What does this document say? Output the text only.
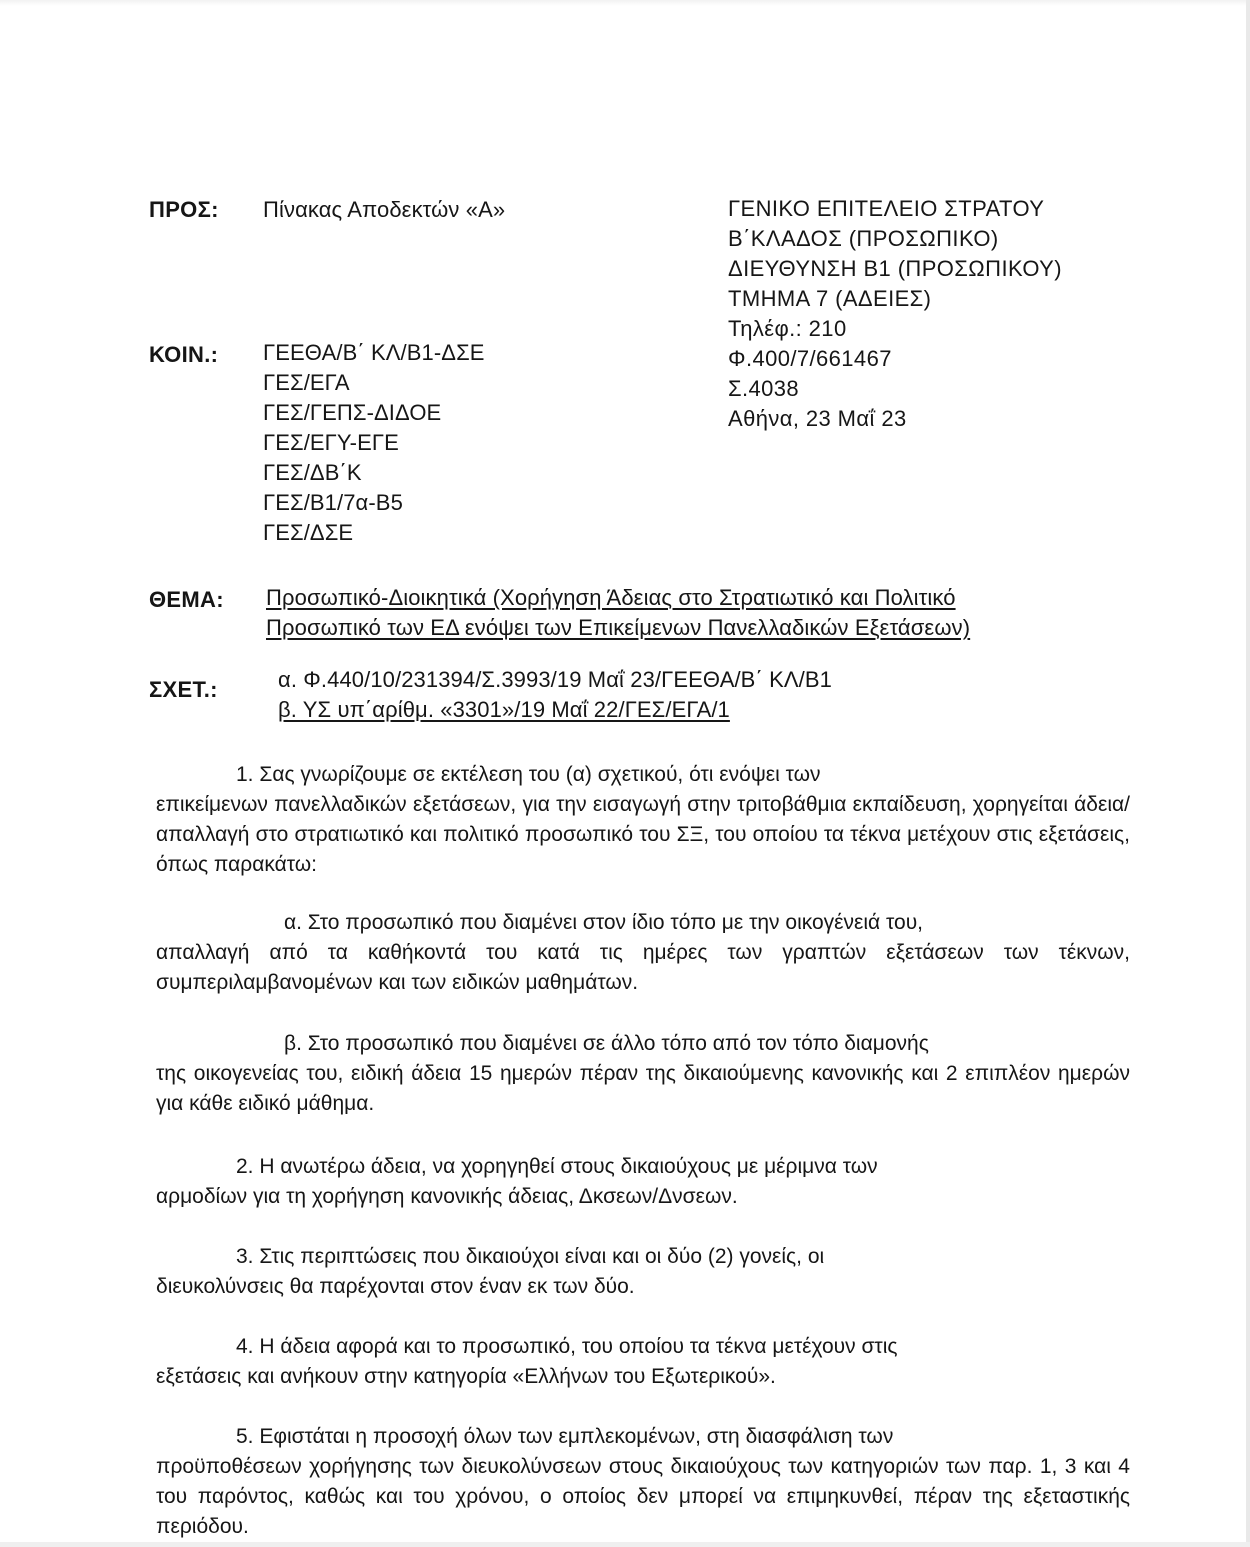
ΠΡΟΣ: Πίνακας Αποδεκτών «Α»	ΓΕΝΙΚΟ ΕΠΙΤΕΛΕΙΟ ΣΤΡΑΤΟΥ
Β΄ΚΛΑΔΟΣ (ΠΡΟΣΩΠΙΚΟ)
ΔΙΕΥΘΥΝΣΗ Β1 (ΠΡΟΣΩΠΙΚΟΥ)
ΤΜΗΜΑ 7 (ΑΔΕΙΕΣ)
Τηλέφ.: 210
Φ.400/7/661467
Σ.4038
Αθήνα, 23 Μαΐ 23
ΚΟΙΝ.: ΓΕΕΘΑ/Β΄ ΚΛ/Β1-ΔΣΕ
ΓΕΣ/ΕΓΑ
ΓΕΣ/ΓΕΠΣ-ΔΙΔΟΕ
ΓΕΣ/ΕΓΥ-ΕΓΕ
ΓΕΣ/ΔΒ΄Κ
ΓΕΣ/Β1/7α-Β5
ΓΕΣ/ΔΣΕ
ΘΕΜΑ: Προσωπικό-Διοικητικά (Χορήγηση Άδειας στο Στρατιωτικό και Πολιτικό
Προσωπικό των ΕΔ ενόψει των Επικείμενων Πανελλαδικών Εξετάσεων)
ΣΧΕΤ.:	α. Φ.440/10/231394/Σ.3993/19 Μαΐ 23/ΓΕΕΘΑ/Β΄ ΚΛ/Β1
β. ΥΣ υπ΄αρίθμ. «3301»/19 Μαΐ 22/ΓΕΣ/ΕΓΑ/1

1. Σας γνωρίζουμε σε εκτέλεση του (α) σχετικού, ότι ενόψει των

επικείμενων πανελλαδικών εξετάσεων, για την εισαγωγή στην τριτοβάθμια εκπαίδευση, χορηγείται άδεια/απαλλαγή στο στρατιωτικό και πολιτικό προσωπικό του ΣΞ, του οποίου τα τέκνα μετέχουν στις εξετάσεις, όπως παρακάτω:

α. Στο προσωπικό που διαμένει στον ίδιο τόπο με την οικογένειά του,

απαλλαγή από τα καθήκοντά του κατά τις ημέρες των γραπτών εξετάσεων των τέκνων, συμπεριλαμβανομένων και των ειδικών μαθημάτων.

β. Στο προσωπικό που διαμένει σε άλλο τόπο από τον τόπο διαμονής

της οικογενείας του, ειδική άδεια 15 ημερών πέραν της δικαιούμενης κανονικής και 2 επιπλέον ημερών για κάθε ειδικό μάθημα.

2. Η ανωτέρω άδεια, να χορηγηθεί στους δικαιούχους με μέριμνα των

αρμοδίων για τη χορήγηση κανονικής άδειας, Δκσεων/Δνσεων.

3. Στις περιπτώσεις που δικαιούχοι είναι και οι δύο (2) γονείς, οι

διευκολύνσεις θα παρέχονται στον έναν εκ των δύο.

4. Η άδεια αφορά και το προσωπικό, του οποίου τα τέκνα μετέχουν στις

εξετάσεις και ανήκουν στην κατηγορία «Ελλήνων του Εξωτερικού».

5. Εφιστάται η προσοχή όλων των εμπλεκομένων, στη διασφάλιση των

προϋποθέσεων χορήγησης των διευκολύνσεων στους δικαιούχους των κατηγοριών των παρ. 1, 3 και 4 του παρόντος, καθώς και του χρόνου, ο οποίος δεν μπορεί να επιμηκυνθεί, πέραν της εξεταστικής περιόδου.
